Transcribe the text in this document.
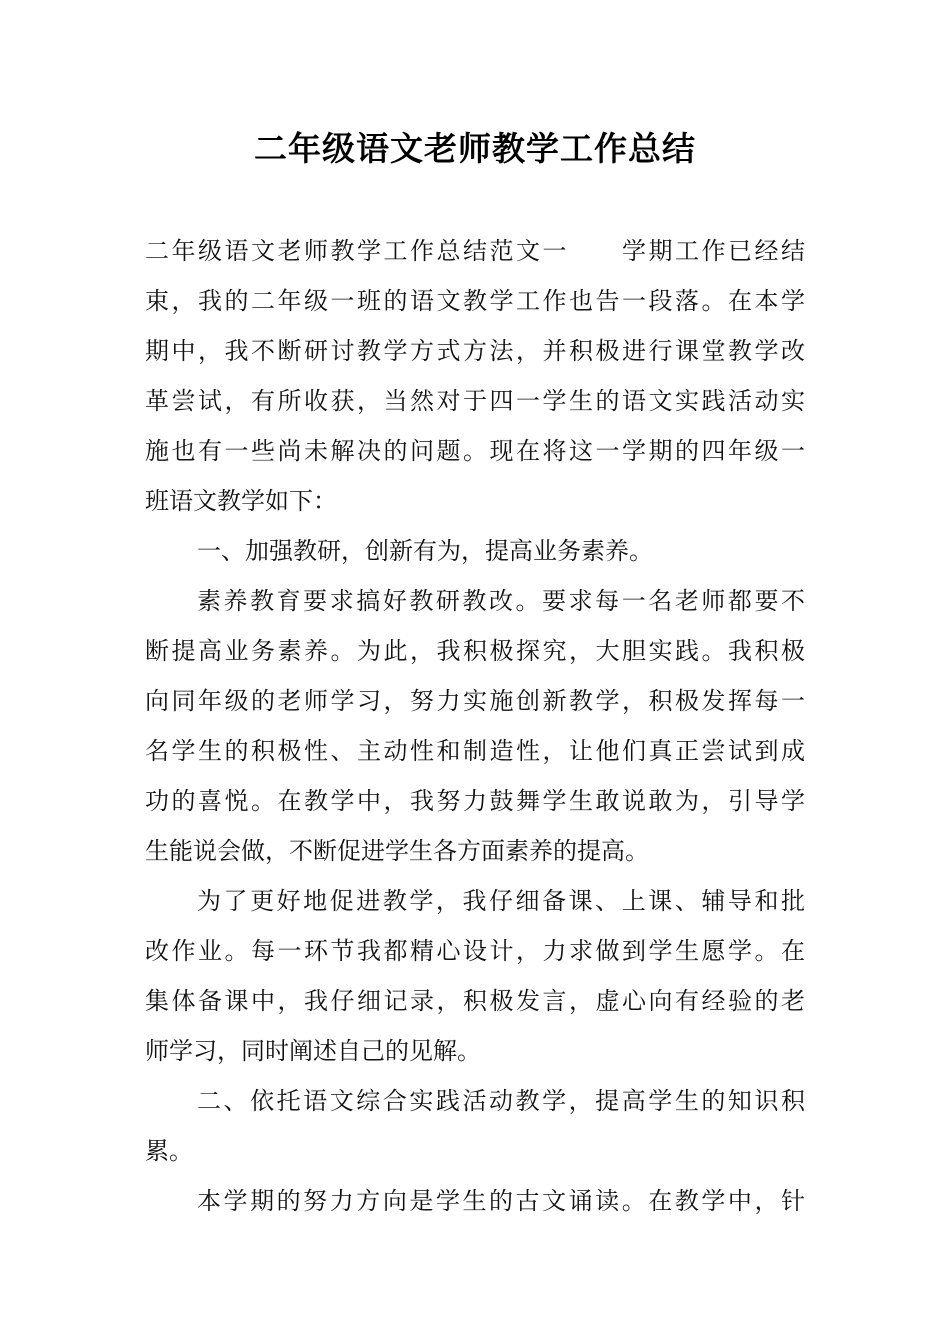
二年级语文老师教学工作总结
二年级语文老师教学工作总结范文一　　学期工作已经结
束，我的二年级一班的语文教学工作也告一段落。在本学
期中，我不断研讨教学方式方法，并积极进行课堂教学改
革尝试，有所收获，当然对于四一学生的语文实践活动实
施也有一些尚未解决的问题。现在将这一学期的四年级一
班语文教学如下：
一、加强教研，创新有为，提高业务素养。
素养教育要求搞好教研教改。要求每一名老师都要不
断提高业务素养。为此，我积极探究，大胆实践。我积极
向同年级的老师学习，努力实施创新教学，积极发挥每一
名学生的积极性、主动性和制造性，让他们真正尝试到成
功的喜悦。在教学中，我努力鼓舞学生敢说敢为，引导学
生能说会做，不断促进学生各方面素养的提高。
为了更好地促进教学，我仔细备课、上课、辅导和批
改作业。每一环节我都精心设计，力求做到学生愿学。在
集体备课中，我仔细记录，积极发言，虚心向有经验的老
师学习，同时阐述自己的见解。
二、依托语文综合实践活动教学，提高学生的知识积
累。
本学期的努力方向是学生的古文诵读。在教学中，针
